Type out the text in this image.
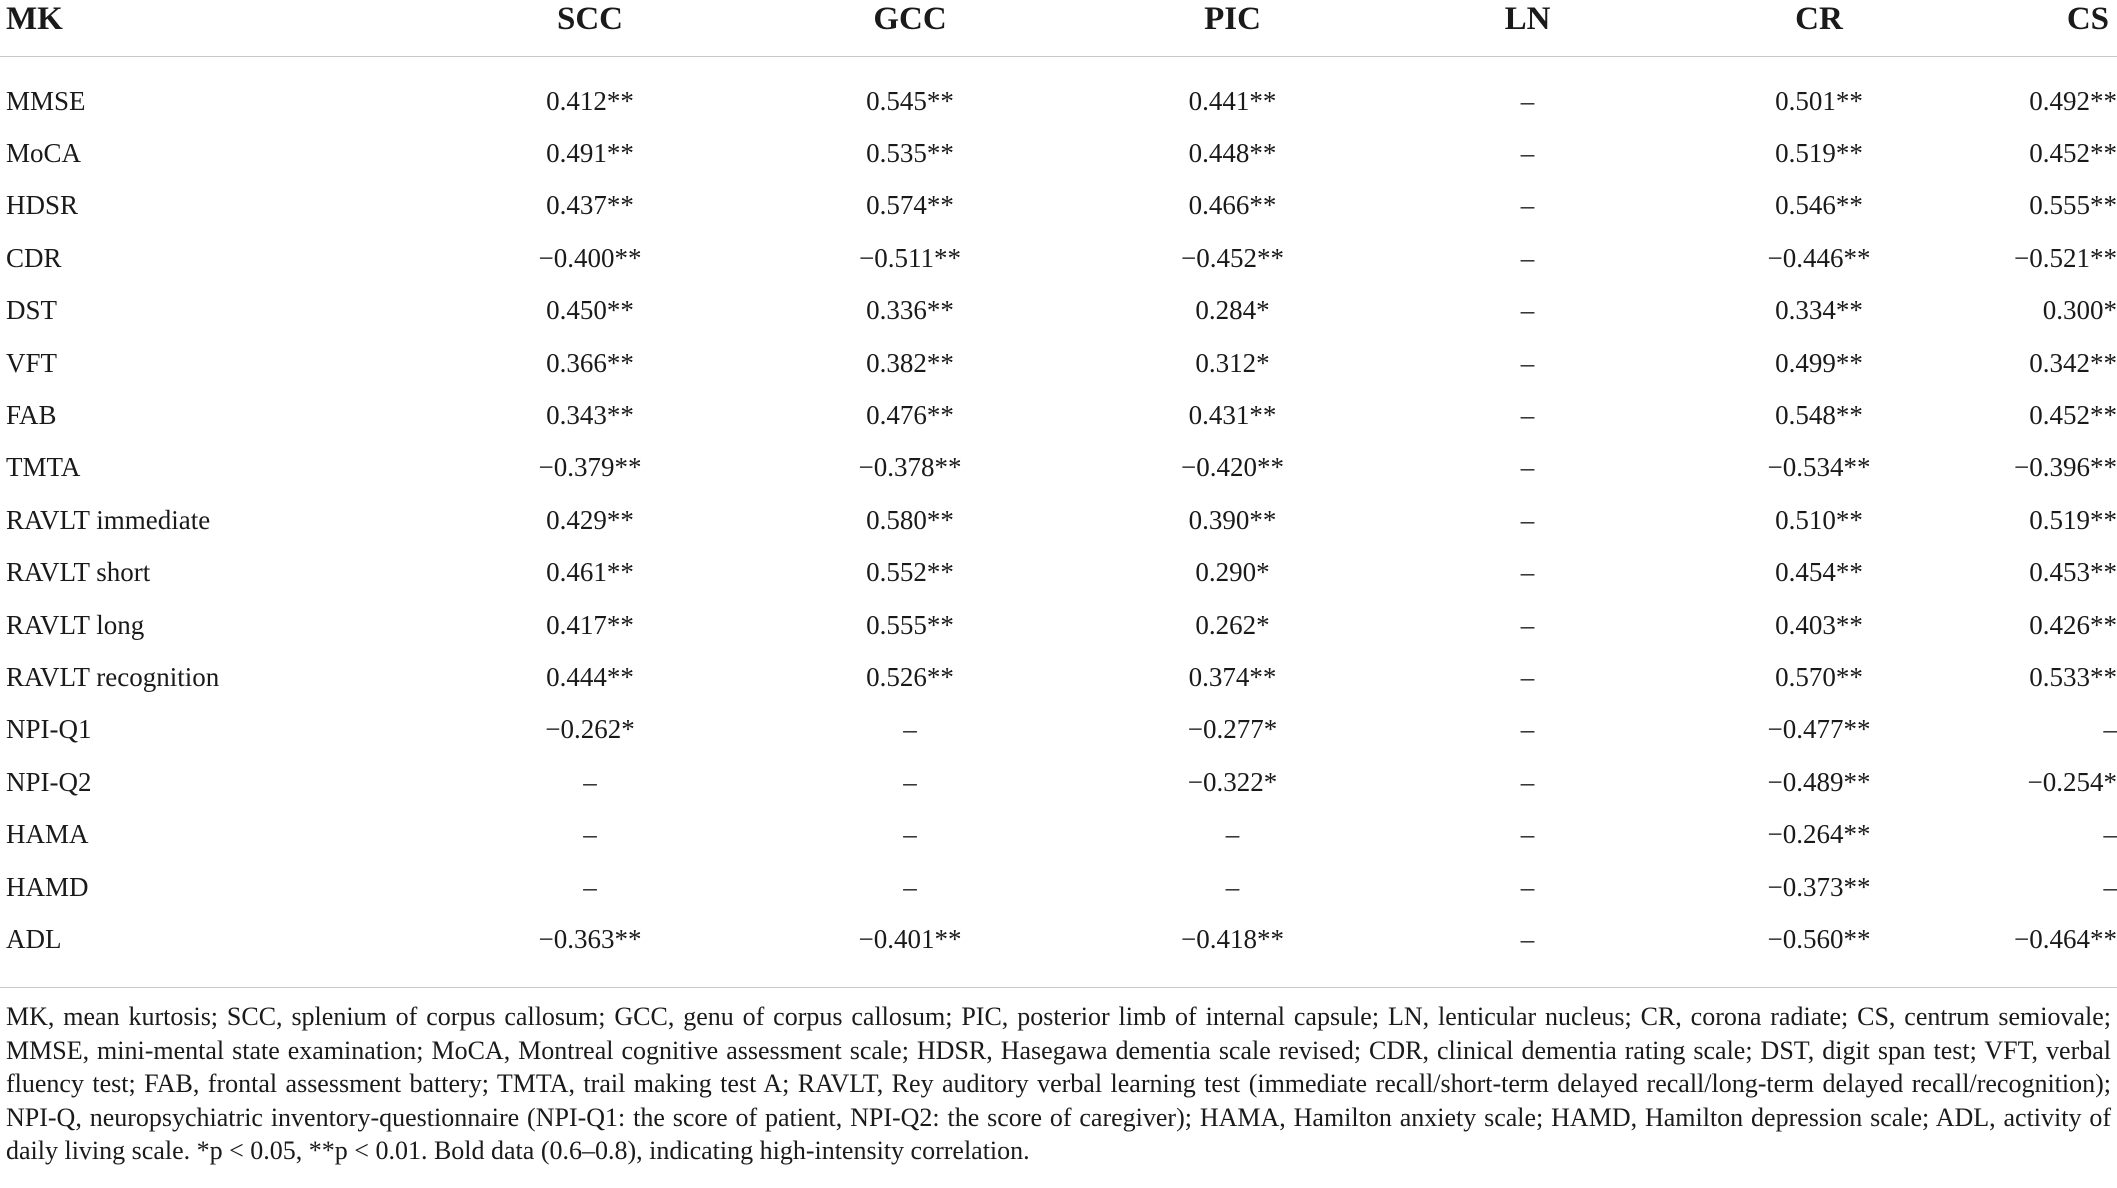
MK	SCC	GCC	PIC	LN	CR	CS
MMSE	0.412**	0.545**	0.441**	–	0.501**	0.492**
MoCA	0.491**	0.535**	0.448**	–	0.519**	0.452**
HDSR	0.437**	0.574**	0.466**	–	0.546**	0.555**
CDR	−0.400**	−0.511**	−0.452**	–	−0.446**	−0.521**
DST	0.450**	0.336**	0.284*	–	0.334**	0.300*
VFT	0.366**	0.382**	0.312*	–	0.499**	0.342**
FAB	0.343**	0.476**	0.431**	–	0.548**	0.452**
TMTA	−0.379**	−0.378**	−0.420**	–	−0.534**	−0.396**
RAVLT immediate	0.429**	0.580**	0.390**	–	0.510**	0.519**
RAVLT short	0.461**	0.552**	0.290*	–	0.454**	0.453**
RAVLT long	0.417**	0.555**	0.262*	–	0.403**	0.426**
RAVLT recognition	0.444**	0.526**	0.374**	–	0.570**	0.533**
NPI-Q1	−0.262*	–	−0.277*	–	−0.477**	–
NPI-Q2	–	–	−0.322*	–	−0.489**	−0.254*
HAMA	–	–	–	–	−0.264**	–
HAMD	–	–	–	–	−0.373**	–
ADL	−0.363**	−0.401**	−0.418**	–	−0.560**	−0.464**

MK, mean kurtosis; SCC, splenium of corpus callosum; GCC, genu of corpus callosum; PIC, posterior limb of internal capsule; LN, lenticular nucleus; CR, corona radiate; CS, centrum semiovale; MMSE, mini-mental state examination; MoCA, Montreal cognitive assessment scale; HDSR, Hasegawa dementia scale revised; CDR, clinical dementia rating scale; DST, digit span test; VFT, verbal fluency test; FAB, frontal assessment battery; TMTA, trail making test A; RAVLT, Rey auditory verbal learning test (immediate recall/short-term delayed recall/long-term delayed recall/recognition); NPI-Q, neuropsychiatric inventory-questionnaire (NPI-Q1: the score of patient, NPI-Q2: the score of caregiver); HAMA, Hamilton anxiety scale; HAMD, Hamilton depression scale; ADL, activity of daily living scale. *p < 0.05, **p < 0.01. Bold data (0.6–0.8), indicating high-intensity correlation.
